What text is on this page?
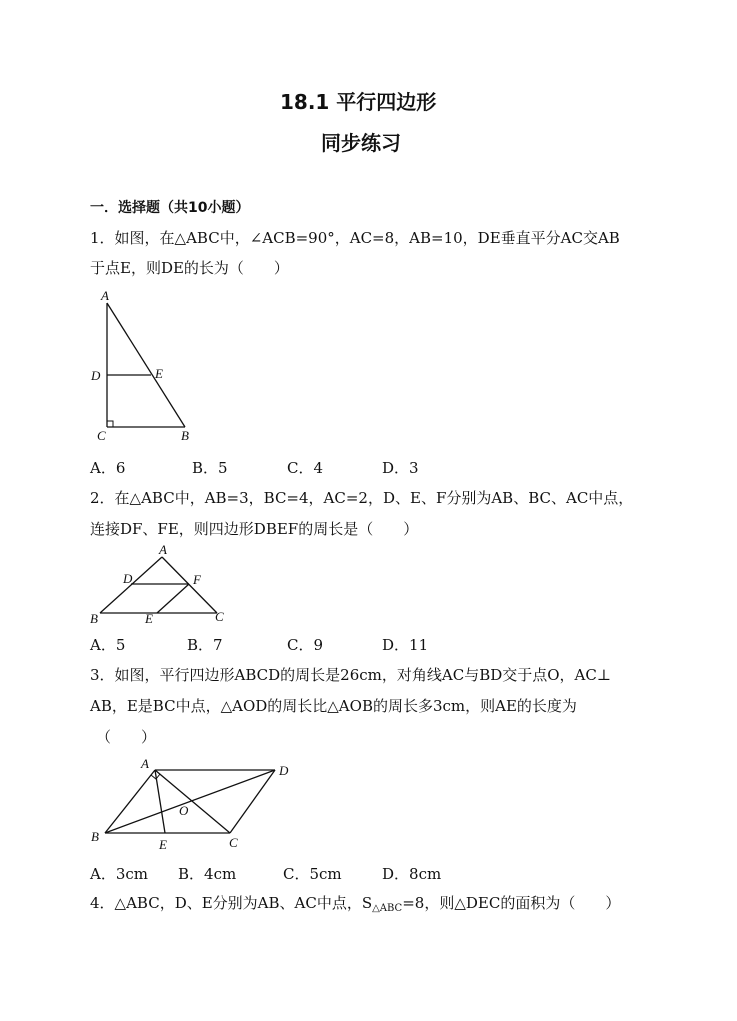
18.1 平行四边形
同步练习
一．选择题（共10小题）
1．如图，在△ABC中，∠ACB=90°，AC=8，AB=10，DE垂直平分AC交AB
于点E，则DE的长为（　　）
A
D	E
C	B
A．6	B．5	C．4	D．3
2．在△ABC中，AB=3，BC=4，AC=2，D、E、F分别为AB、BC、AC中点，
连接DF、FE，则四边形DBEF的周长是（　　）
A
D	F
B	E	C
A．5	B．7	C．9	D．11
3．如图，平行四边形ABCD的周长是26cm，对角线AC与BD交于点O，AC⊥
AB，E是BC中点，△AOD的周长比△AOB的周长多3cm，则AE的长度为
（　　）
A	D
O
B
E	C
A．3cm B．4cm	C．5cm	D．8cm
4．△ABC，D、E分别为AB、AC中点，$S_{\triangle ABC}=8$，则△DEC的面积为（　　）
